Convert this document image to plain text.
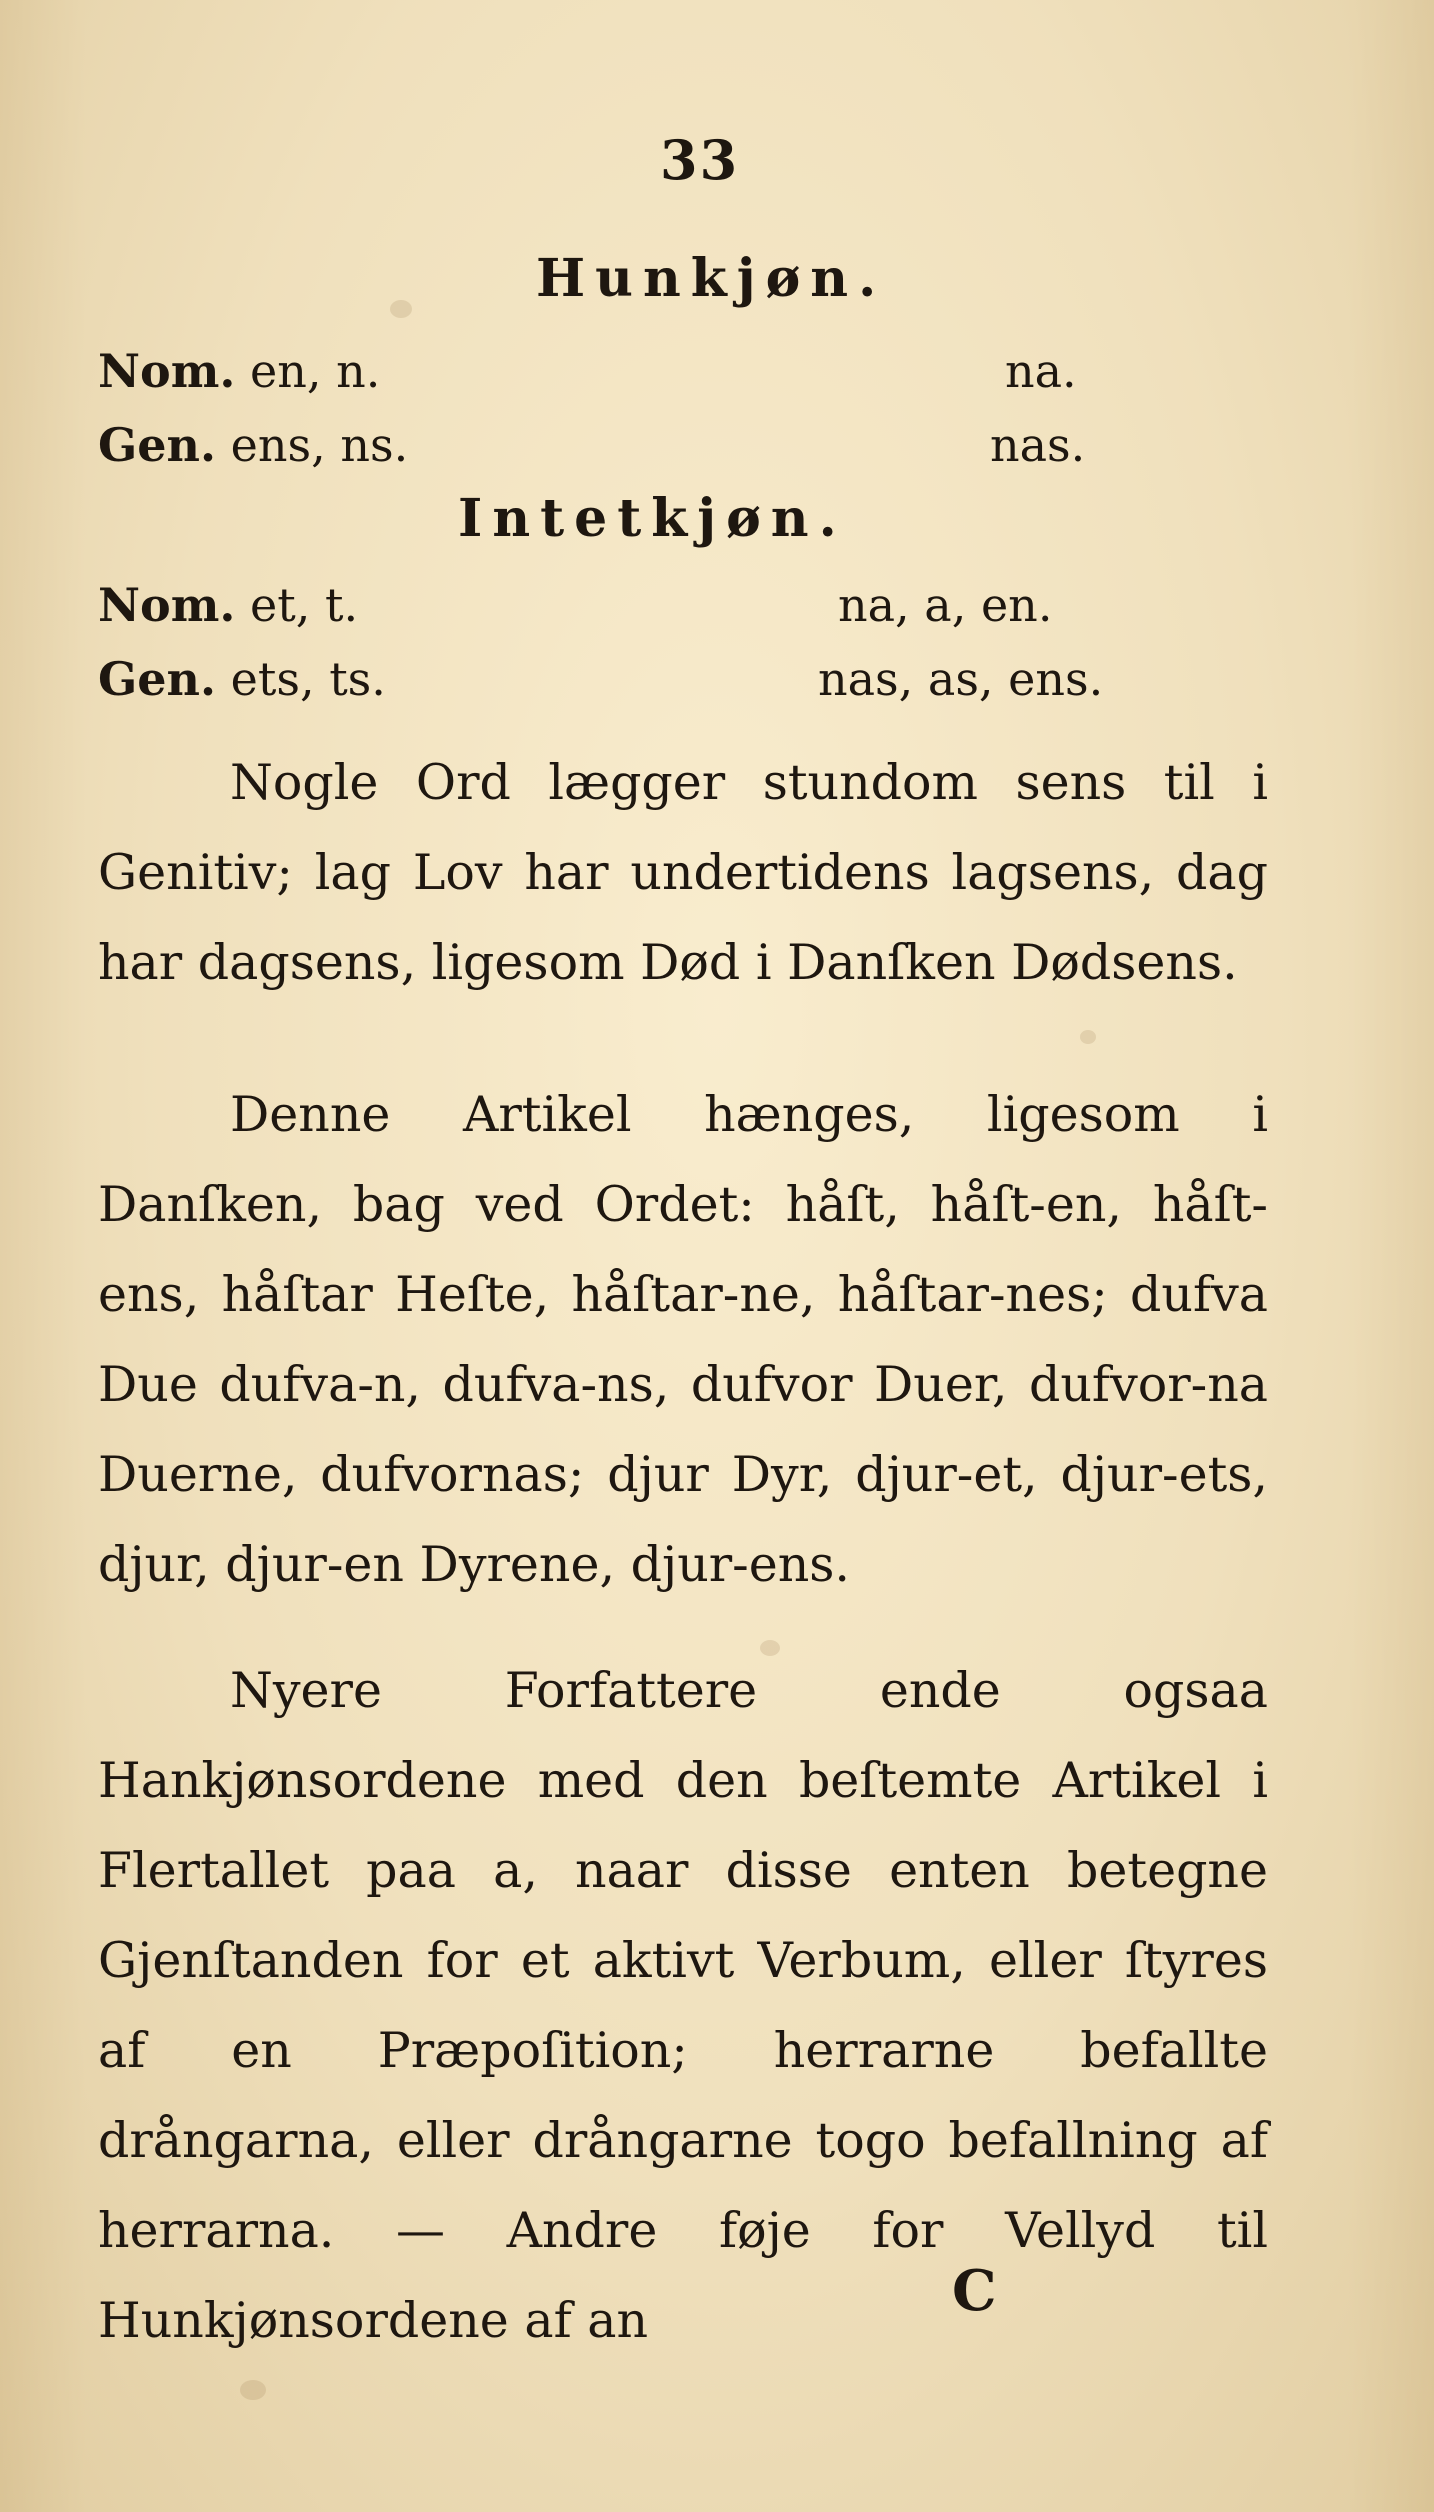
33
Hunkjøn.
Nom. en, n.	na.
Gen. ens, ns.	nas.
Intetkjøn.
Nom. et, t.	na, a, en.
Gen. ets, ts.	nas, as, ens.
Nogle Ord lægger stundom sens til i Genitiv; lag Lov har undertidens lagsens, dag har dagsens, ligesom Død i Danſken Dødsens.
Denne Artikel hænges, ligesom i Danſken, bag ved Ordet: håſt, håſt-en, håſt-ens, håſtar Heſte, håſtar-ne, håſtar-nes; dufva Due dufva-n, dufva-ns, dufvor Duer, dufvor-na Duerne, dufvornas; djur Dyr, djur-et, djur-ets, djur, djur-en Dyrene, djur-ens.
Nyere Forfattere ende ogsaa Hankjønsordene med den beſtemte Artikel i Flertallet paa a, naar disse enten betegne Gjenſtanden for et aktivt Verbum, eller ſtyres af en Præpoſition; herrarne befallte drångarna, eller drångarne togo befallning af herrarna. — Andre føje for Vellyd til Hunkjønsordene af an	C
